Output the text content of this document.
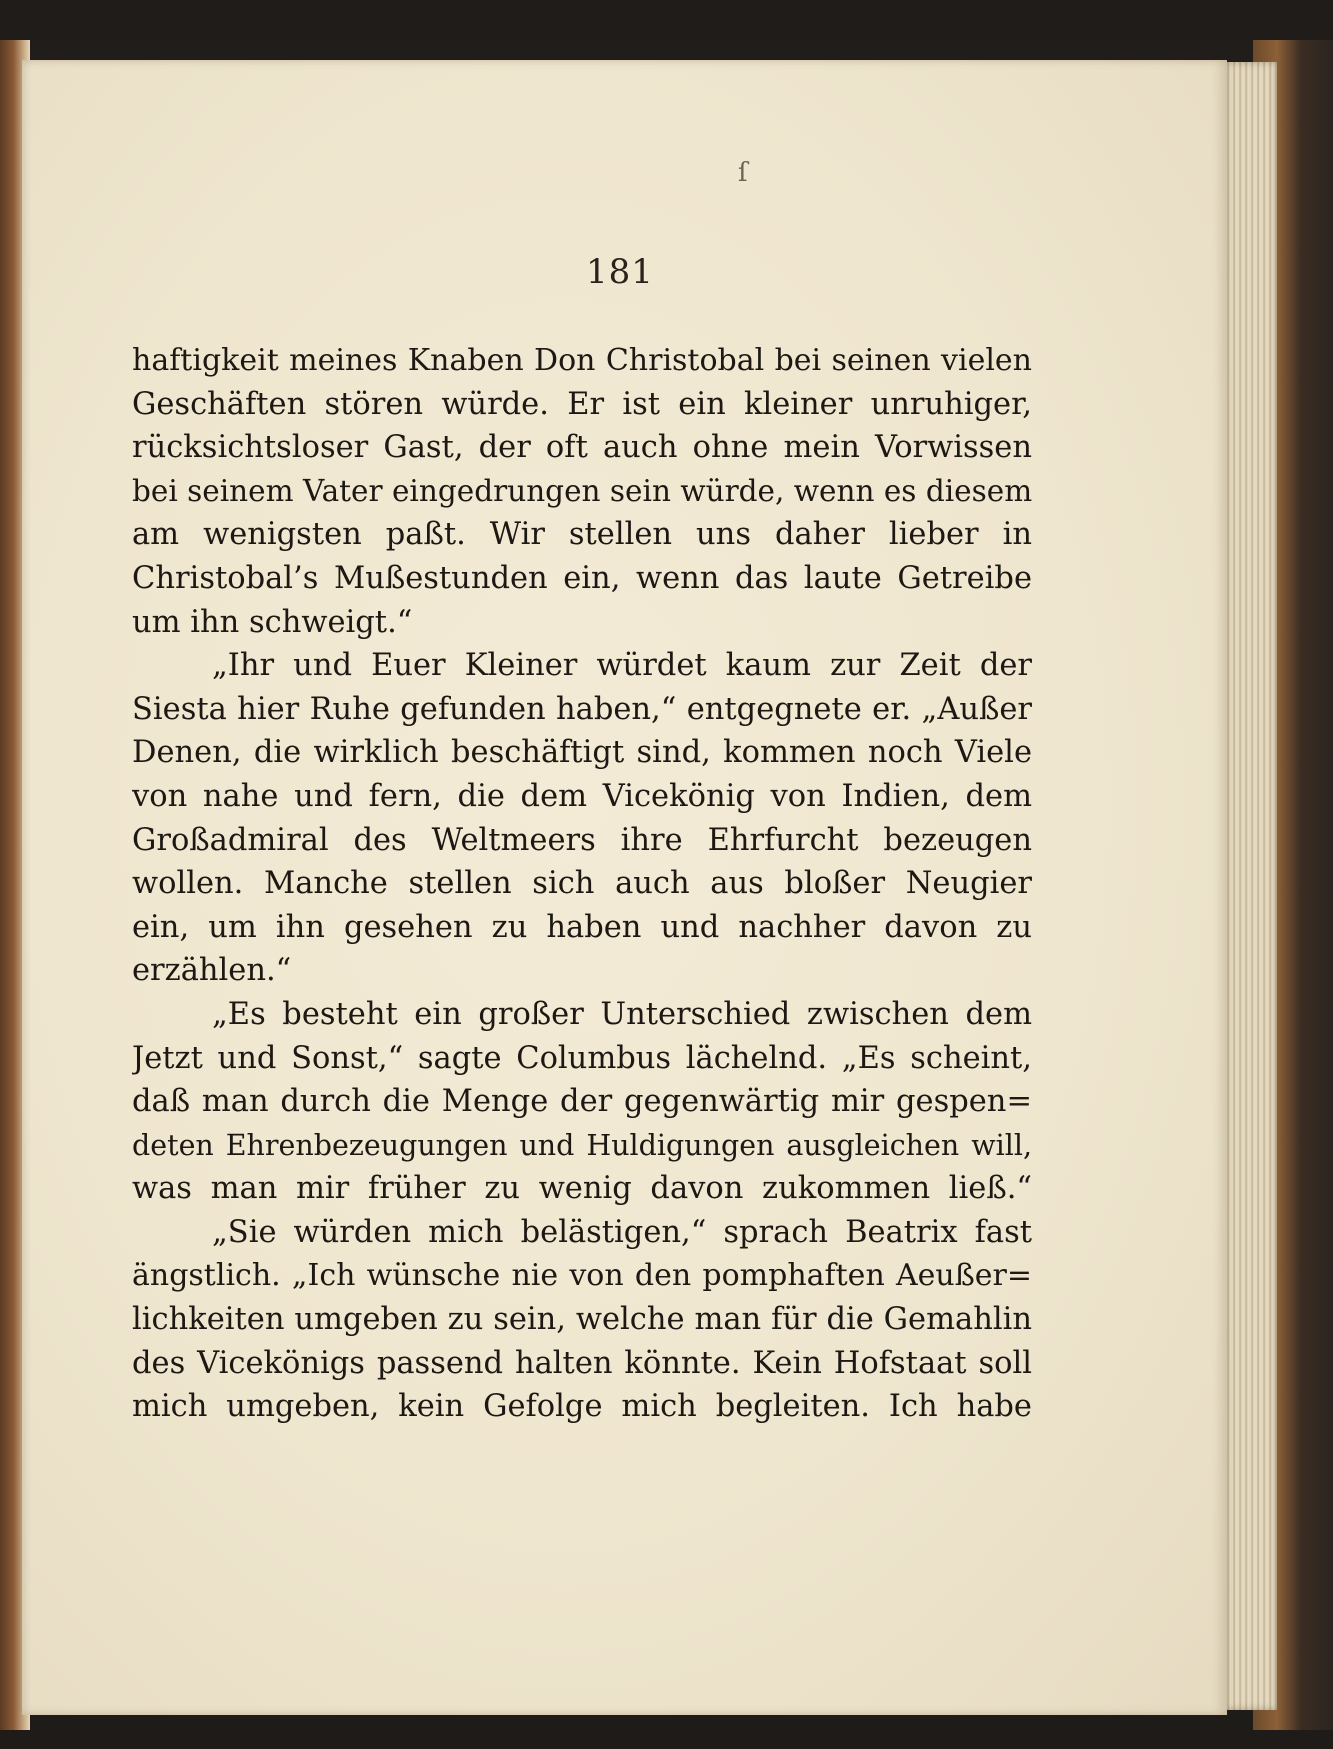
ſ
181
haftigkeit meines Knaben Don Christobal bei seinen vielen
Geschäften stören würde. Er ist ein kleiner unruhiger,
rücksichtsloser Gast, der oft auch ohne mein Vorwissen
bei seinem Vater eingedrungen sein würde, wenn es diesem
am wenigsten paßt. Wir stellen uns daher lieber in
Christobal’s Mußestunden ein, wenn das laute Getreibe
um ihn schweigt.“
„Ihr und Euer Kleiner würdet kaum zur Zeit der
Siesta hier Ruhe gefunden haben,“ entgegnete er. „Außer
Denen, die wirklich beschäftigt sind, kommen noch Viele
von nahe und fern, die dem Vicekönig von Indien, dem
Großadmiral des Weltmeers ihre Ehrfurcht bezeugen
wollen. Manche stellen sich auch aus bloßer Neugier
ein, um ihn gesehen zu haben und nachher davon zu
erzählen.“
„Es besteht ein großer Unterschied zwischen dem
Jetzt und Sonst,“ sagte Columbus lächelnd. „Es scheint,
daß man durch die Menge der gegenwärtig mir gespen=
deten Ehrenbezeugungen und Huldigungen ausgleichen will,
was man mir früher zu wenig davon zukommen ließ.“
„Sie würden mich belästigen,“ sprach Beatrix fast
ängstlich. „Ich wünsche nie von den pomphaften Aeußer=
lichkeiten umgeben zu sein, welche man für die Gemahlin
des Vicekönigs passend halten könnte. Kein Hofstaat soll
mich umgeben, kein Gefolge mich begleiten. Ich habe
